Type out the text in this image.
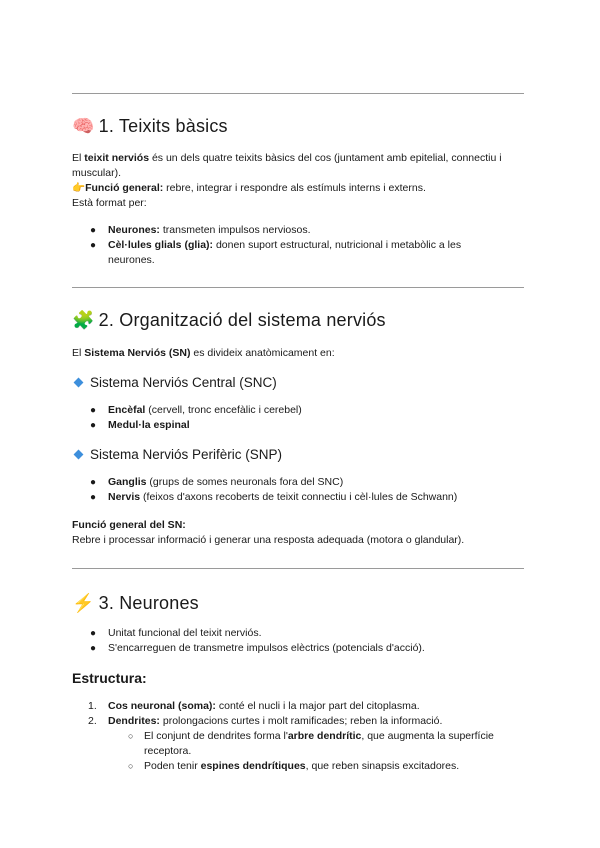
🧠 1. Teixits bàsics
El teixit nerviós és un dels quatre teixits bàsics del cos (juntament amb epitelial, connectiu i
muscular).
👉Funció general: rebre, integrar i respondre als estímuls interns i externs.
Està format per:
● Neurones: transmeten impulsos nerviosos.
● Cèl·lules glials (glia): donen suport estructural, nutricional i metabòlic a les
neurones.
🧩 2. Organització del sistema nerviós
El Sistema Nerviós (SN) es divideix anatòmicament en:
Sistema Nerviós Central (SNC)
● Encèfal (cervell, tronc encefàlic i cerebel)
● Medul·la espinal
Sistema Nerviós Perifèric (SNP)
● Ganglis (grups de somes neuronals fora del SNC)
● Nervis (feixos d'axons recoberts de teixit connectiu i cèl·lules de Schwann)
Funció general del SN:
Rebre i processar informació i generar una resposta adequada (motora o glandular).
⚡ 3. Neurones
● Unitat funcional del teixit nerviós.
● S'encarreguen de transmetre impulsos elèctrics (potencials d'acció).
Estructura:
1. Cos neuronal (soma): conté el nucli i la major part del citoplasma.
2. Dendrites: prolongacions curtes i molt ramificades; reben la informació.
○ El conjunt de dendrites forma l'arbre dendrític, que augmenta la superfície
receptora.
○ Poden tenir espines dendrítiques, que reben sinapsis excitadores.
